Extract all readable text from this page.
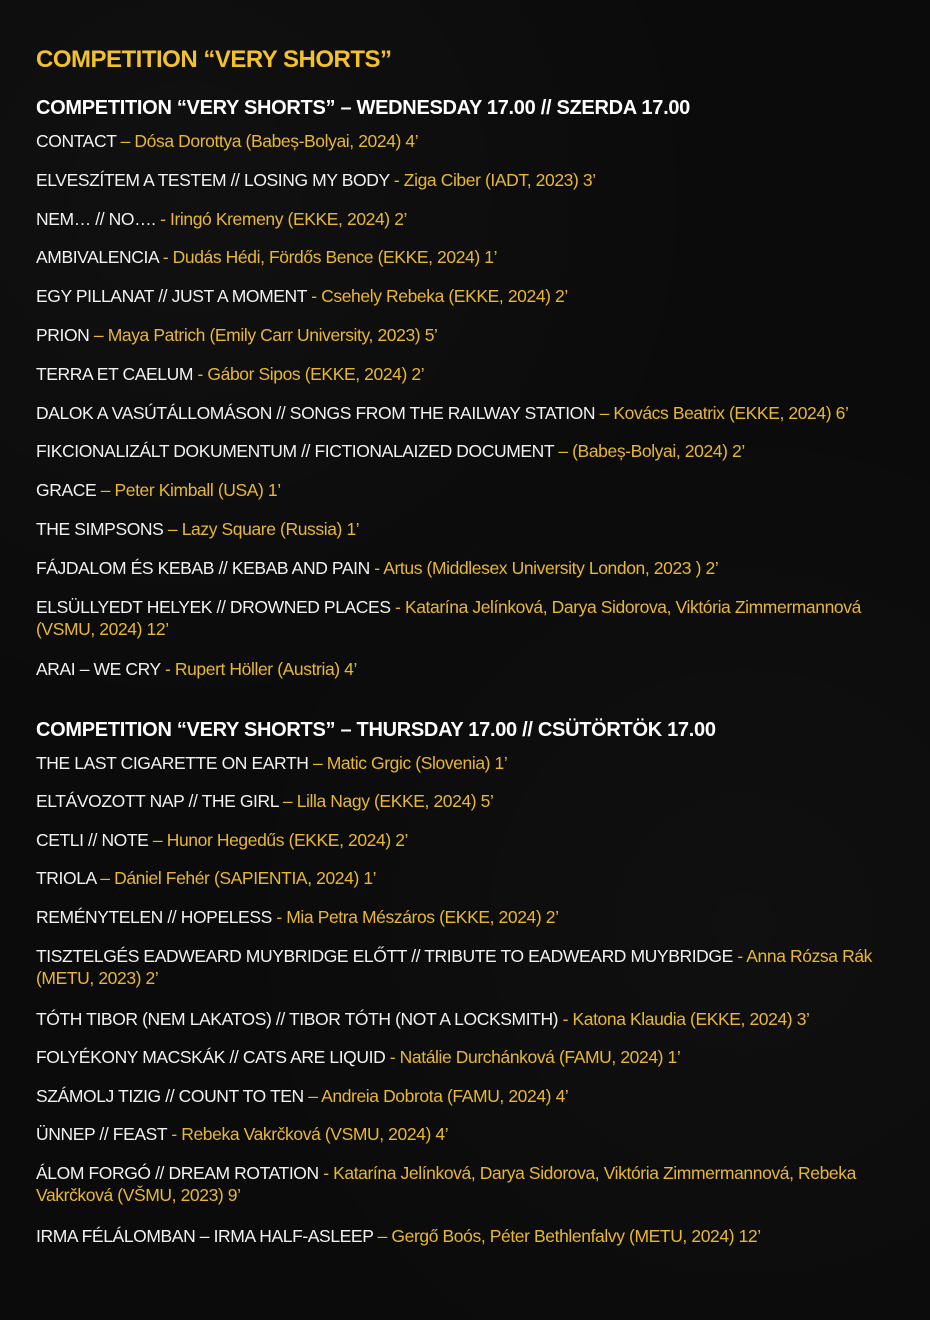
COMPETITION “VERY SHORTS”
COMPETITION “VERY SHORTS” – WEDNESDAY 17.00 // SZERDA 17.00

CONTACT – Dósa Dorottya (Babeș-Bolyai, 2024) 4’

ELVESZÍTEM A TESTEM // LOSING MY BODY - Ziga Ciber (IADT, 2023) 3’

NEM… // NO…. - Iringó Kremeny (EKKE, 2024) 2’

AMBIVALENCIA - Dudás Hédi, Fördős Bence (EKKE, 2024) 1’

EGY PILLANAT // JUST A MOMENT - Csehely Rebeka (EKKE, 2024) 2’

PRION – Maya Patrich (Emily Carr University, 2023) 5’

TERRA ET CAELUM - Gábor Sipos (EKKE, 2024) 2’

DALOK A VASÚTÁLLOMÁSON // SONGS FROM THE RAILWAY STATION – Kovács Beatrix (EKKE, 2024) 6’

FIKCIONALIZÁLT DOKUMENTUM // FICTIONALAIZED DOCUMENT – (Babeș-Bolyai, 2024) 2’

GRACE – Peter Kimball (USA) 1’

THE SIMPSONS – Lazy Square (Russia) 1’

FÁJDALOM ÉS KEBAB // KEBAB AND PAIN - Artus (Middlesex University London, 2023 ) 2’

ELSÜLLYEDT HELYEK // DROWNED PLACES - Katarína Jelínková, Darya Sidorova, Viktória Zimmermannová (VSMU, 2024) 12’

ARAI – WE CRY - Rupert Höller (Austria) 4’

COMPETITION “VERY SHORTS” – THURSDAY 17.00 // CSÜTÖRTÖK 17.00

THE LAST CIGARETTE ON EARTH – Matic Grgic (Slovenia) 1’

ELTÁVOZOTT NAP // THE GIRL – Lilla Nagy (EKKE, 2024) 5’

CETLI // NOTE – Hunor Hegedűs (EKKE, 2024) 2’

TRIOLA – Dániel Fehér (SAPIENTIA, 2024) 1’

REMÉNYTELEN // HOPELESS - Mia Petra Mészáros (EKKE, 2024) 2’

TISZTELGÉS EADWEARD MUYBRIDGE ELŐTT // TRIBUTE TO EADWEARD MUYBRIDGE - Anna Rózsa Rák (METU, 2023) 2’

TÓTH TIBOR (NEM LAKATOS) // TIBOR TÓTH (NOT A LOCKSMITH) - Katona Klaudia (EKKE, 2024) 3’

FOLYÉKONY MACSKÁK // CATS ARE LIQUID - Natálie Durchánková (FAMU, 2024) 1’

SZÁMOLJ TIZIG // COUNT TO TEN – Andreia Dobrota (FAMU, 2024) 4’

ÜNNEP // FEAST - Rebeka Vakrčková (VSMU, 2024) 4’

ÁLOM FORGÓ // DREAM ROTATION - Katarína Jelínková, Darya Sidorova, Viktória Zimmermannová, Rebeka Vakrčková (VŠMU, 2023) 9’

IRMA FÉLÁLOMBAN – IRMA HALF-ASLEEP – Gergő Boós, Péter Bethlenfalvy (METU, 2024) 12’
